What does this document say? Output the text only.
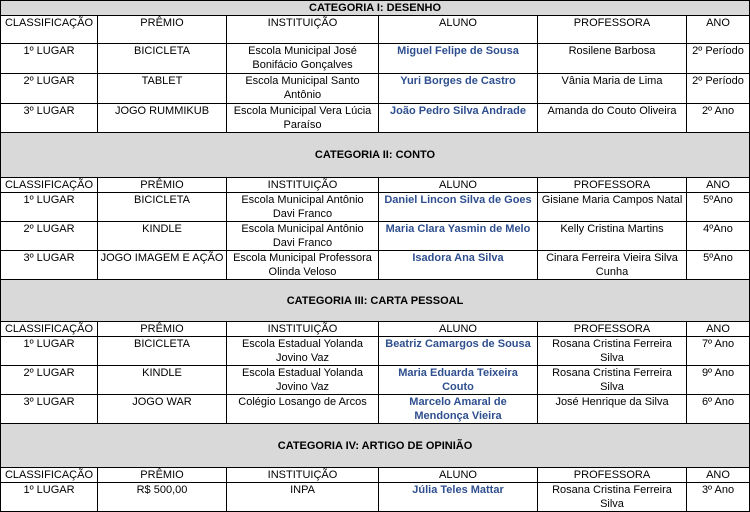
CATEGORIA I: DESENHO					
CLASSIFICAÇÃO	PRÊMIO	INSTITUIÇÃO	ALUNO	PROFESSORA	ANO
1º LUGAR	BICICLETA	Escola Municipal José Bonifácio Gonçalves	Miguel Felipe de Sousa	Rosilene Barbosa	2º Período
2º LUGAR	TABLET	Escola Municipal Santo Antônio	Yuri Borges de Castro	Vânia Maria de Lima	2º Período
3º LUGAR	JOGO RUMMIKUB	Escola Municipal Vera Lúcia Paraíso	João Pedro Silva Andrade	Amanda do Couto Oliveira	2º Ano
CATEGORIA II: CONTO					
CLASSIFICAÇÃO	PRÊMIO	INSTITUIÇÃO	ALUNO	PROFESSORA	ANO
1º LUGAR	BICICLETA	Escola Municipal Antônio Davi Franco	Daniel Lincon Silva de Goes	Gisiane Maria Campos Natal	5ºAno
2º LUGAR	KINDLE	Escola Municipal Antônio Davi Franco	Maria Clara Yasmin de Melo	Kelly Cristina Martins	4ºAno
3º LUGAR	JOGO IMAGEM E AÇÃO	Escola Municipal Professora Olinda Veloso	Isadora Ana Silva	Cinara Ferreira Vieira Silva Cunha	5ºAno
CATEGORIA III: CARTA PESSOAL					
CLASSIFICAÇÃO	PRÊMIO	INSTITUIÇÃO	ALUNO	PROFESSORA	ANO
1º LUGAR	BICICLETA	Escola Estadual Yolanda Jovino Vaz	Beatriz Camargos de Sousa	Rosana Cristina Ferreira Silva	7º Ano
2º LUGAR	KINDLE	Escola Estadual Yolanda Jovino Vaz	Maria Eduarda Teixeira Couto	Rosana Cristina Ferreira Silva	9º Ano
3º LUGAR	JOGO WAR	Colégio Losango de Arcos	Marcelo Amaral de Mendonça Vieira	José Henrique da Silva	6º Ano
CATEGORIA IV: ARTIGO DE OPINIÃO					
CLASSIFICAÇÃO	PRÊMIO	INSTITUIÇÃO	ALUNO	PROFESSORA	ANO
1º LUGAR	R$ 500,00	INPA	Júlia Teles Mattar	Rosana Cristina Ferreira Silva	3º Ano
